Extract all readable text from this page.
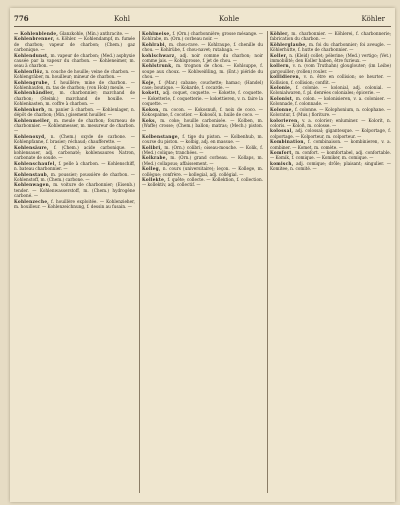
776	Kohl	Kohle	Köhler
— Kohlenblende, Glanzkohle, (Min.) anthracite. —
Kohlenbrenner, s. Köhler. — Kohlendampf, m. fumée de charbon; vapeur de charbon; (Chem.) gaz carbonique. —
Kohlendunst, m. vapeur de charbon; (Med.) asphyxie causée par la vapeur du charbon. — Kohleneimer, m. seau à charbon. —
Kohlenflöz, n. couche de houille; veine de charbon. — Kohlengräber, m. houilleur; mineur de charbon. —
Kohlengrube, f. houillère; mine de charbon. — Kohlenhaufen, m. tas de charbon; (von Holz) meule. —
Kohlenhändler, m. charbonnier; marchand de charbon; (Steink.) marchand de houille. — Kohlenkasten, m. coffre à charbon. —
Kohlenkorb, m. panier à charbon. — Kohlenlager, n. dépôt de charbon; (Min.) gisement houiller. —
Kohlenmeiler, m. meule de charbon; fourneau de charbonnier. — Kohlenmesser, m. mesureur de charbon. —
Kohlenoxyd, n. (Chem.) oxyde de carbone. — Kohlenpfanne, f. brasier; réchaud; chaufferette. —
Kohlensäure, f. (Chem.) acide carbonique. — kohlensauer, adj. carbonaté; kohlensaures Natron, carbonate de soude. —
Kohlenschaufel, f. pelle à charbon. — Kohlenschiff, n. bateau charbonnier. —
Kohlenstaub, m. poussier; poussière de charbon. — Kohlenstoff, m. (Chem.) carbone. —
Kohlenwagen, m. voiture de charbonnier; (Eisenb.) tender. — Kohlenwasserstoff, m. (Chem.) hydrogène carboné. —
Kohlenzeche, f. houillère exploitée. — Kohlenzieher, m. houilleur. — Kohlenzeichnung, f. dessin au fusain. —
Kohlmeise, f. (Orn.) charbonnière; grosse mésange. — Kohlrabe, m. (Orn.) corbeau noir. —
Kohlrabi, m. chou-rave. — Kohlraupe, f. chenille du chou. — Kohlrübe, f. chou-navet; rutabaga. —
kohlschwarz, adj. noir comme du charbon; noir comme jais. — Kohlsprosse, f. jet de chou. —
Kohlstrunk, m. trognon de chou. — Kohlsuppe, f. soupe aux choux. — Kohlweißling, m. (Ent.) piéride du chou. —
Koje, f. (Mar.) cabane; couchette; hamac; (Handel) case; boutique. — Kokarde, f. cocarde. —
kokett, adj. coquet, coquette. — Kokette, f. coquette. — Koketterie, f. coquetterie. — kokettieren, v. n. faire la coquette. —
Kokon, m. cocon. — Kokosnuß, f. noix de coco. — Kokospalme, f. cocotier. — Kokosöl, n. huile de coco. —
Koks, m. coke; houille carbonisée. — Kolben, m. (Waffe) crosse; (Chem.) ballon; matras; (Mech.) piston. —
Kolbenstange, f. tige du piston. — Kolbenhub, m. course du piston. — kolbig, adj. en massue. —
Kolibri, m. (Orn.) colibri; oiseau-mouche. — Kolik, f. (Med.) colique; tranchées. —
Kolkrabe, m. (Orn.) grand corbeau. — Kollaps, m. (Med.) collapsus; affaissement. —
Kolleg, n. cours (universitaire); leçon. — Kollege, m. collègue; confrère. — kollegial, adj. collégial. —
Kollekte, f. quête; collecte. — Kollektion, f. collection. — kollektiv, adj. collectif. —
Köhler, m. charbonnier. — Köhlerei, f. charbonnerie; fabrication du charbon. —
Köhlerglaube, m. foi du charbonnier; foi aveugle. — Köhlerhütte, f. hutte de charbonnier. —
Koller, n. (Kleid) collet; pèlerine; (Med.) vertigo; (Vet.) immobilité; den Koller haben, être furieux. —
kollern, v. n. (vom Truthahn) glouglouter; (im Leibe) gargouiller; (rollen) rouler. —
kollidieren, v. n. être en collision; se heurter. — Kollision, f. collision; conflit. —
Kolonie, f. colonie. — kolonial, adj. colonial. — Kolonialwaren, f. pl. denrées coloniales; épicerie. —
Kolonist, m. colon. — kolonisieren, v. a. coloniser. — Kolonnade, f. colonnade. —
Kolonne, f. colonne. — Kolophonium, n. colophane. — Koloratur, f. (Mus.) fioriture. —
kolorieren, v. a. colorier; enluminer. — Kolorit, n. coloris. — Koloß, m. colosse. —
kolossal, adj. colossal; gigantesque. — Kolportage, f. colportage. — Kolporteur, m. colporteur. —
Kombination, f. combinaison. — kombinieren, v. a. combiner. — Komet, m. comète. —
Komfort, m. confort. — komfortabel, adj. confortable. — Komik, f. comique. — Komiker, m. comique. —
komisch, adj. comique; drôle; plaisant; singulier. — Komitee, n. comité. —
